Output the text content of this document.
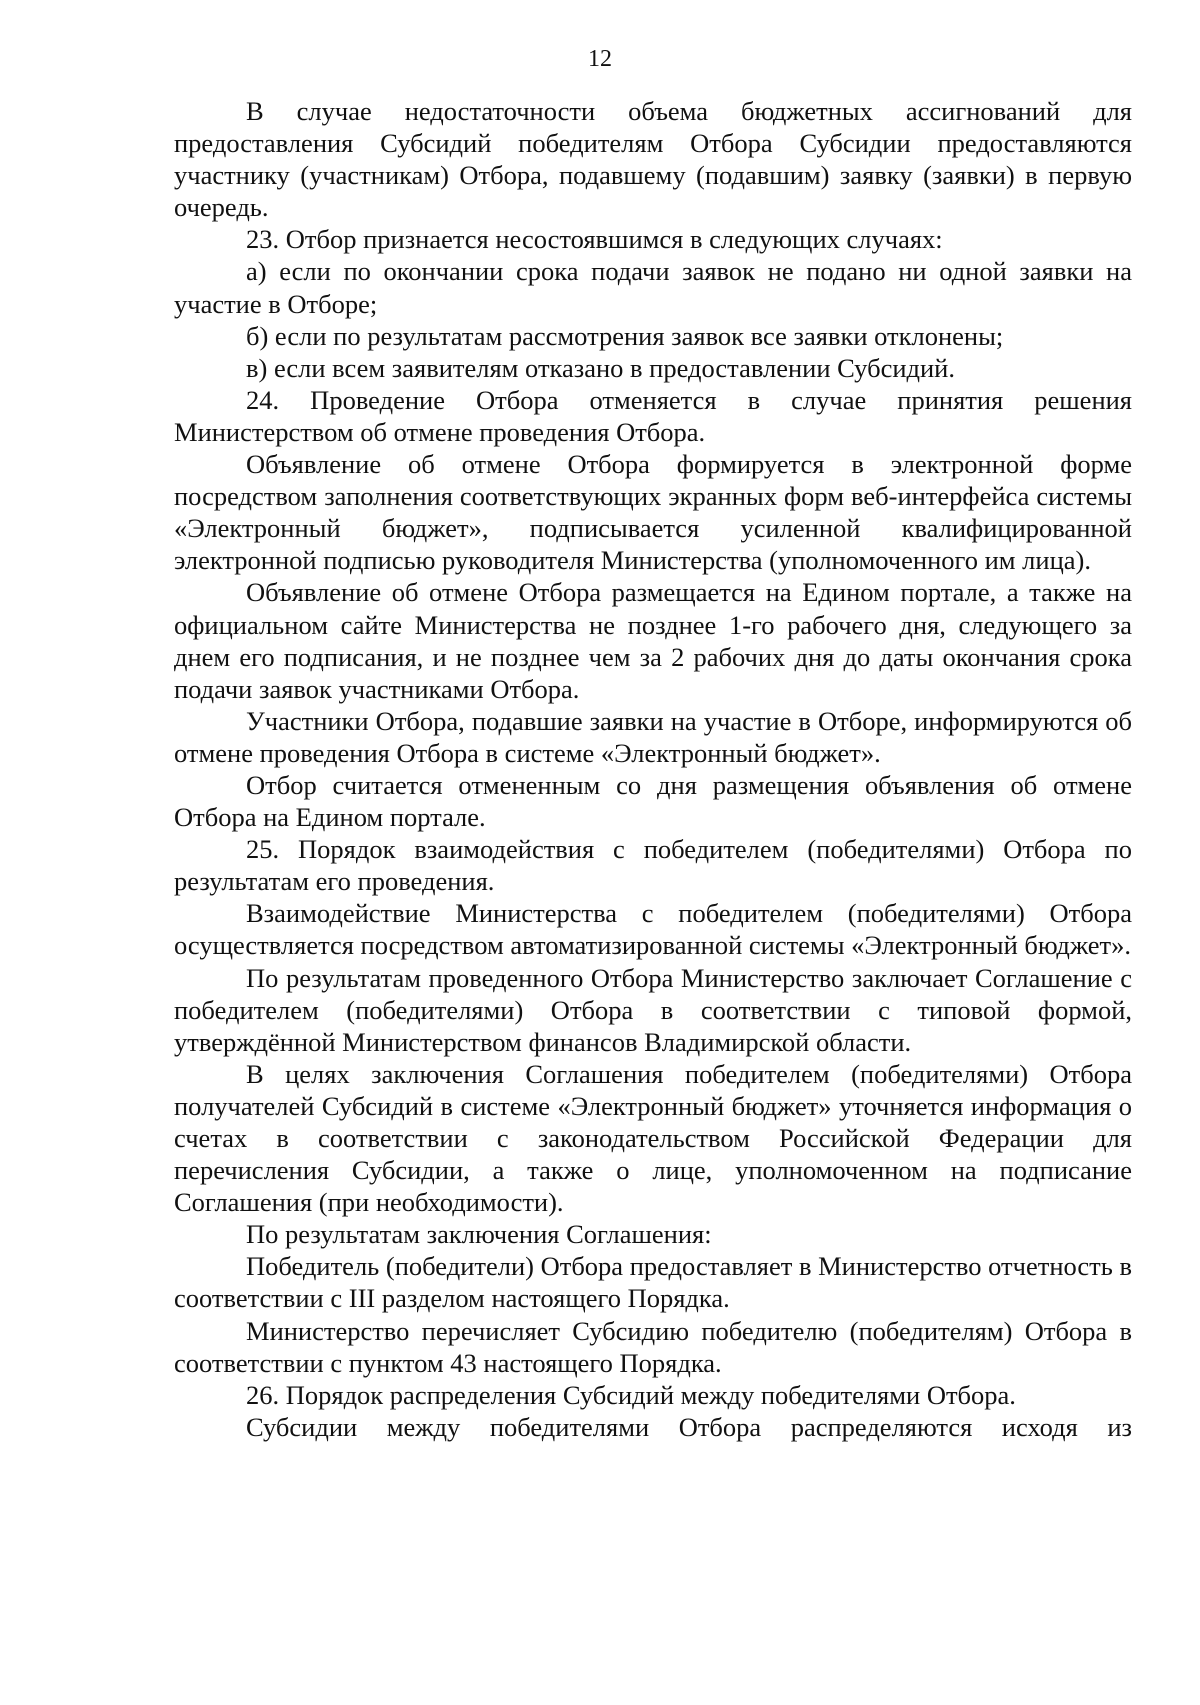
12

В случае недостаточности объема бюджетных ассигнований для предоставления Субсидий победителям Отбора Субсидии предоставляются участнику (участникам) Отбора, подавшему (подавшим) заявку (заявки) в первую очередь.

23. Отбор признается несостоявшимся в следующих случаях:

а) если по окончании срока подачи заявок не подано ни одной заявки на участие в Отборе;

б) если по результатам рассмотрения заявок все заявки отклонены;

в) если всем заявителям отказано в предоставлении Субсидий.

24. Проведение Отбора отменяется в случае принятия решения Министерством об отмене проведения Отбора.

Объявление об отмене Отбора формируется в электронной форме посредством заполнения соответствующих экранных форм веб-интерфейса системы «Электронный бюджет», подписывается усиленной квалифицированной электронной подписью руководителя Министерства (уполномоченного им лица).

Объявление об отмене Отбора размещается на Едином портале, а также на официальном сайте Министерства не позднее 1-го рабочего дня, следующего за днем его подписания, и не позднее чем за 2 рабочих дня до даты окончания срока подачи заявок участниками Отбора.

Участники Отбора, подавшие заявки на участие в Отборе, информируются об отмене проведения Отбора в системе «Электронный бюджет».

Отбор считается отмененным со дня размещения объявления об отмене Отбора на Едином портале.

25. Порядок взаимодействия с победителем (победителями) Отбора по результатам его проведения.

Взаимодействие Министерства с победителем (победителями) Отбора осуществляется посредством автоматизированной системы «Электронный бюджет».

По результатам проведенного Отбора Министерство заключает Соглашение с победителем (победителями) Отбора в соответствии с типовой формой, утверждённой Министерством финансов Владимирской области.

В целях заключения Соглашения победителем (победителями) Отбора получателей Субсидий в системе «Электронный бюджет» уточняется информация о счетах в соответствии с законодательством Российской Федерации для перечисления Субсидии, а также о лице, уполномоченном на подписание Соглашения (при необходимости).

По результатам заключения Соглашения:

Победитель (победители) Отбора предоставляет в Министерство отчетность в соответствии с III разделом настоящего Порядка.

Министерство перечисляет Субсидию победителю (победителям) Отбора в соответствии с пунктом 43 настоящего Порядка.

26. Порядок распределения Субсидий между победителями Отбора.

Субсидии между победителями Отбора распределяются исходя из
